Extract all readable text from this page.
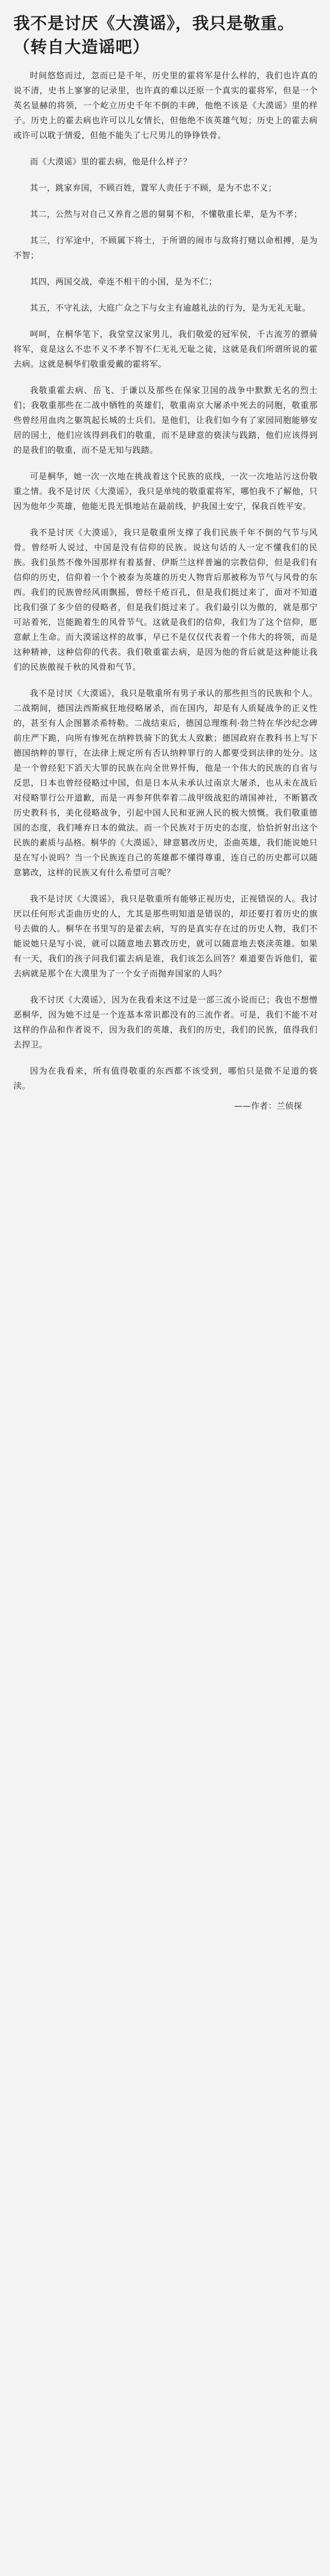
我不是讨厌《大漠谣》，我只是敬重。（转自大造谣吧）
时间悠悠而过，忽而已是千年，历史里的霍将军是什么样的，我们也许真的说不清，史书上寥寥的记录里，也许真的难以还原一个真实的霍将军，但是一个英名显赫的将领，一个屹立历史千年不倒的丰碑，他绝不该是《大漠谣》里的样子。历史上的霍去病也许可以儿女情长，但他绝不该英雄气短；历史上的霍去病或许可以耽于情爱，但他不能失了七尺男儿的铮铮铁骨。
而《大漠谣》里的霍去病，他是什么样子？
其一，跳家弃国，不顾百姓，置军人责任于不顾，是为不忠不义；
其二，公然与对自己又养育之恩的舅舅不和，不懂敬重长辈，是为不孝；
其三，行军途中，不顾属下将士，于所谓的闹市与敌将打赌以命相搏，是为不智；
其四，两国交战，牵连不相干的小国，是为不仁；
其五，不守礼法，大庭广众之下与女主有逾越礼法的行为，是为无礼无耻。
呵呵，在桐华笔下，我堂堂汉家男儿，我们敬爱的冠军侯，千古流芳的骠骑将军，竟是这么不忠不义不孝不智不仁无礼无耻之徒，这就是我们所谓所说的霍去病。这就是桐华们敬重爱戴的霍将军。
我敬重霍去病、岳飞、于谦以及那些在保家卫国的战争中默默无名的烈士们；我敬重那些在二战中牺牲的英雄们，敬重南京大屠杀中死去的同胞，敬重那些曾经用血肉之躯筑起长城的士兵们。是他们，让我们如今有了家园同胞能够安居的国土，他们应该得到我们的敬重，而不是肆意的亵渎与践踏，他们应该得到的是我们的敬重，而不是无知与践踏。
可是桐华，她一次一次地在挑战着这个民族的底线，一次一次地站污这份敬重之情。我不是讨厌《大漠谣》，我只是单纯的敬重霍将军，哪怕我不了解他，只因为他年少英雄，他能无畏无惧地站在最前线，护我国土安宁，保我百姓平安。
我不是讨厌《大漠谣》，我只是敬重所支撑了我们民族千年不倒的气节与风骨。曾经听人说过，中国是没有信仰的民族。说这句话的人一定不懂我们的民族。我们虽然不像外国那样有着基督、伊斯兰这样普遍的宗教信仰，但是我们有信仰的历史，信仰着一个个被泰为英雄的历史人物背后那被称为节气与风骨的东西。我们的民族曾经风雨飘摇，曾经千疮百孔，但是我们挺过来了，面对不知道比我们强了多少倍的侵略者，但是我们挺过来了。我们最引以为傲的，就是那宁可站着死，岂能跪着生的风骨节气。这就是我们的信仰，我们为了这个信仰，愿意献上生命。而大漠谣这样的故事，早已不是仅仅代表着一个伟大的将领，而是这种精神，这种信仰的代表。我们敬重霍去病，是因为他的背后就是这种能让我们的民族傲视千秋的风骨和气节。
我不是讨厌《大漠谣》，我只是敬重所有男子承认的那些担当的民族和个人。二战期间，德国法西斯疯狂地侵略屠杀，而在国内，却是有人质疑战争的正义性的，甚至有人企图篡杀希特勒。二战结束后，德国总理维利·勃兰特在华沙纪念碑前庄严下跪，向所有惨死在纳粹铁骑下的犹太人致歉；德国政府在教科书上写下德国纳粹的罪行，在法律上规定所有否认纳粹罪行的人都要受到法律的处分。这是一个曾经犯下滔天大罪的民族在向全世界忏悔，他是一个伟大的民族的自省与反思，日本也曾经侵略过中国，但是日本从未承认过南京大屠杀，也从未在战后对侵略罪行公开道歉，而是一再参拜供奉着二战甲级战犯的靖国神社，不断篡改历史教科书，美化侵略战争，引起中国人民和亚洲人民的极大愤慨。我们敬重德国的态度，我们唾弃日本的做法。而一个民族对于历史的态度，恰恰折射出这个民族的素质与品格。桐华的《大漠谣》，肆意篡改历史，歪曲英雄，我们能说她只是在写小说吗？当一个民族连自己的英雄都不懂得尊重，连自己的历史都可以随意篡改，这样的民族又有什么希望可言呢？
我不是讨厌《大漠谣》，我只是敬重所有能够正视历史，正视错误的人。我讨厌以任何形式歪曲历史的人，尤其是那些明知道是错误的，却还要打着历史的旗号去做的人。桐华在书里写的是霍去病，写的是真实存在过的历史人物，我们不能说她只是写小说，就可以随意地去篡改历史，就可以随意地去亵渎英雄。如果有一天，我们的孩子问我们霍去病是谁，我们该怎么回答？难道要告诉他们，霍去病就是那个在大漠里为了一个女子而抛弃国家的人吗？
我不讨厌《大漠谣》，因为在我看来这不过是一部三流小说而已；我也不想憎恶桐华，因为她不过是一个连基本常识都没有的三流作者。可是，我们不能不对这样的作品和作者说不，因为我们的英雄，我们的历史，我们的民族，值得我们去捍卫。
因为在我看来，所有值得敬重的东西都不该受到，哪怕只是微不足道的亵渎。
——作者：兰侦探
